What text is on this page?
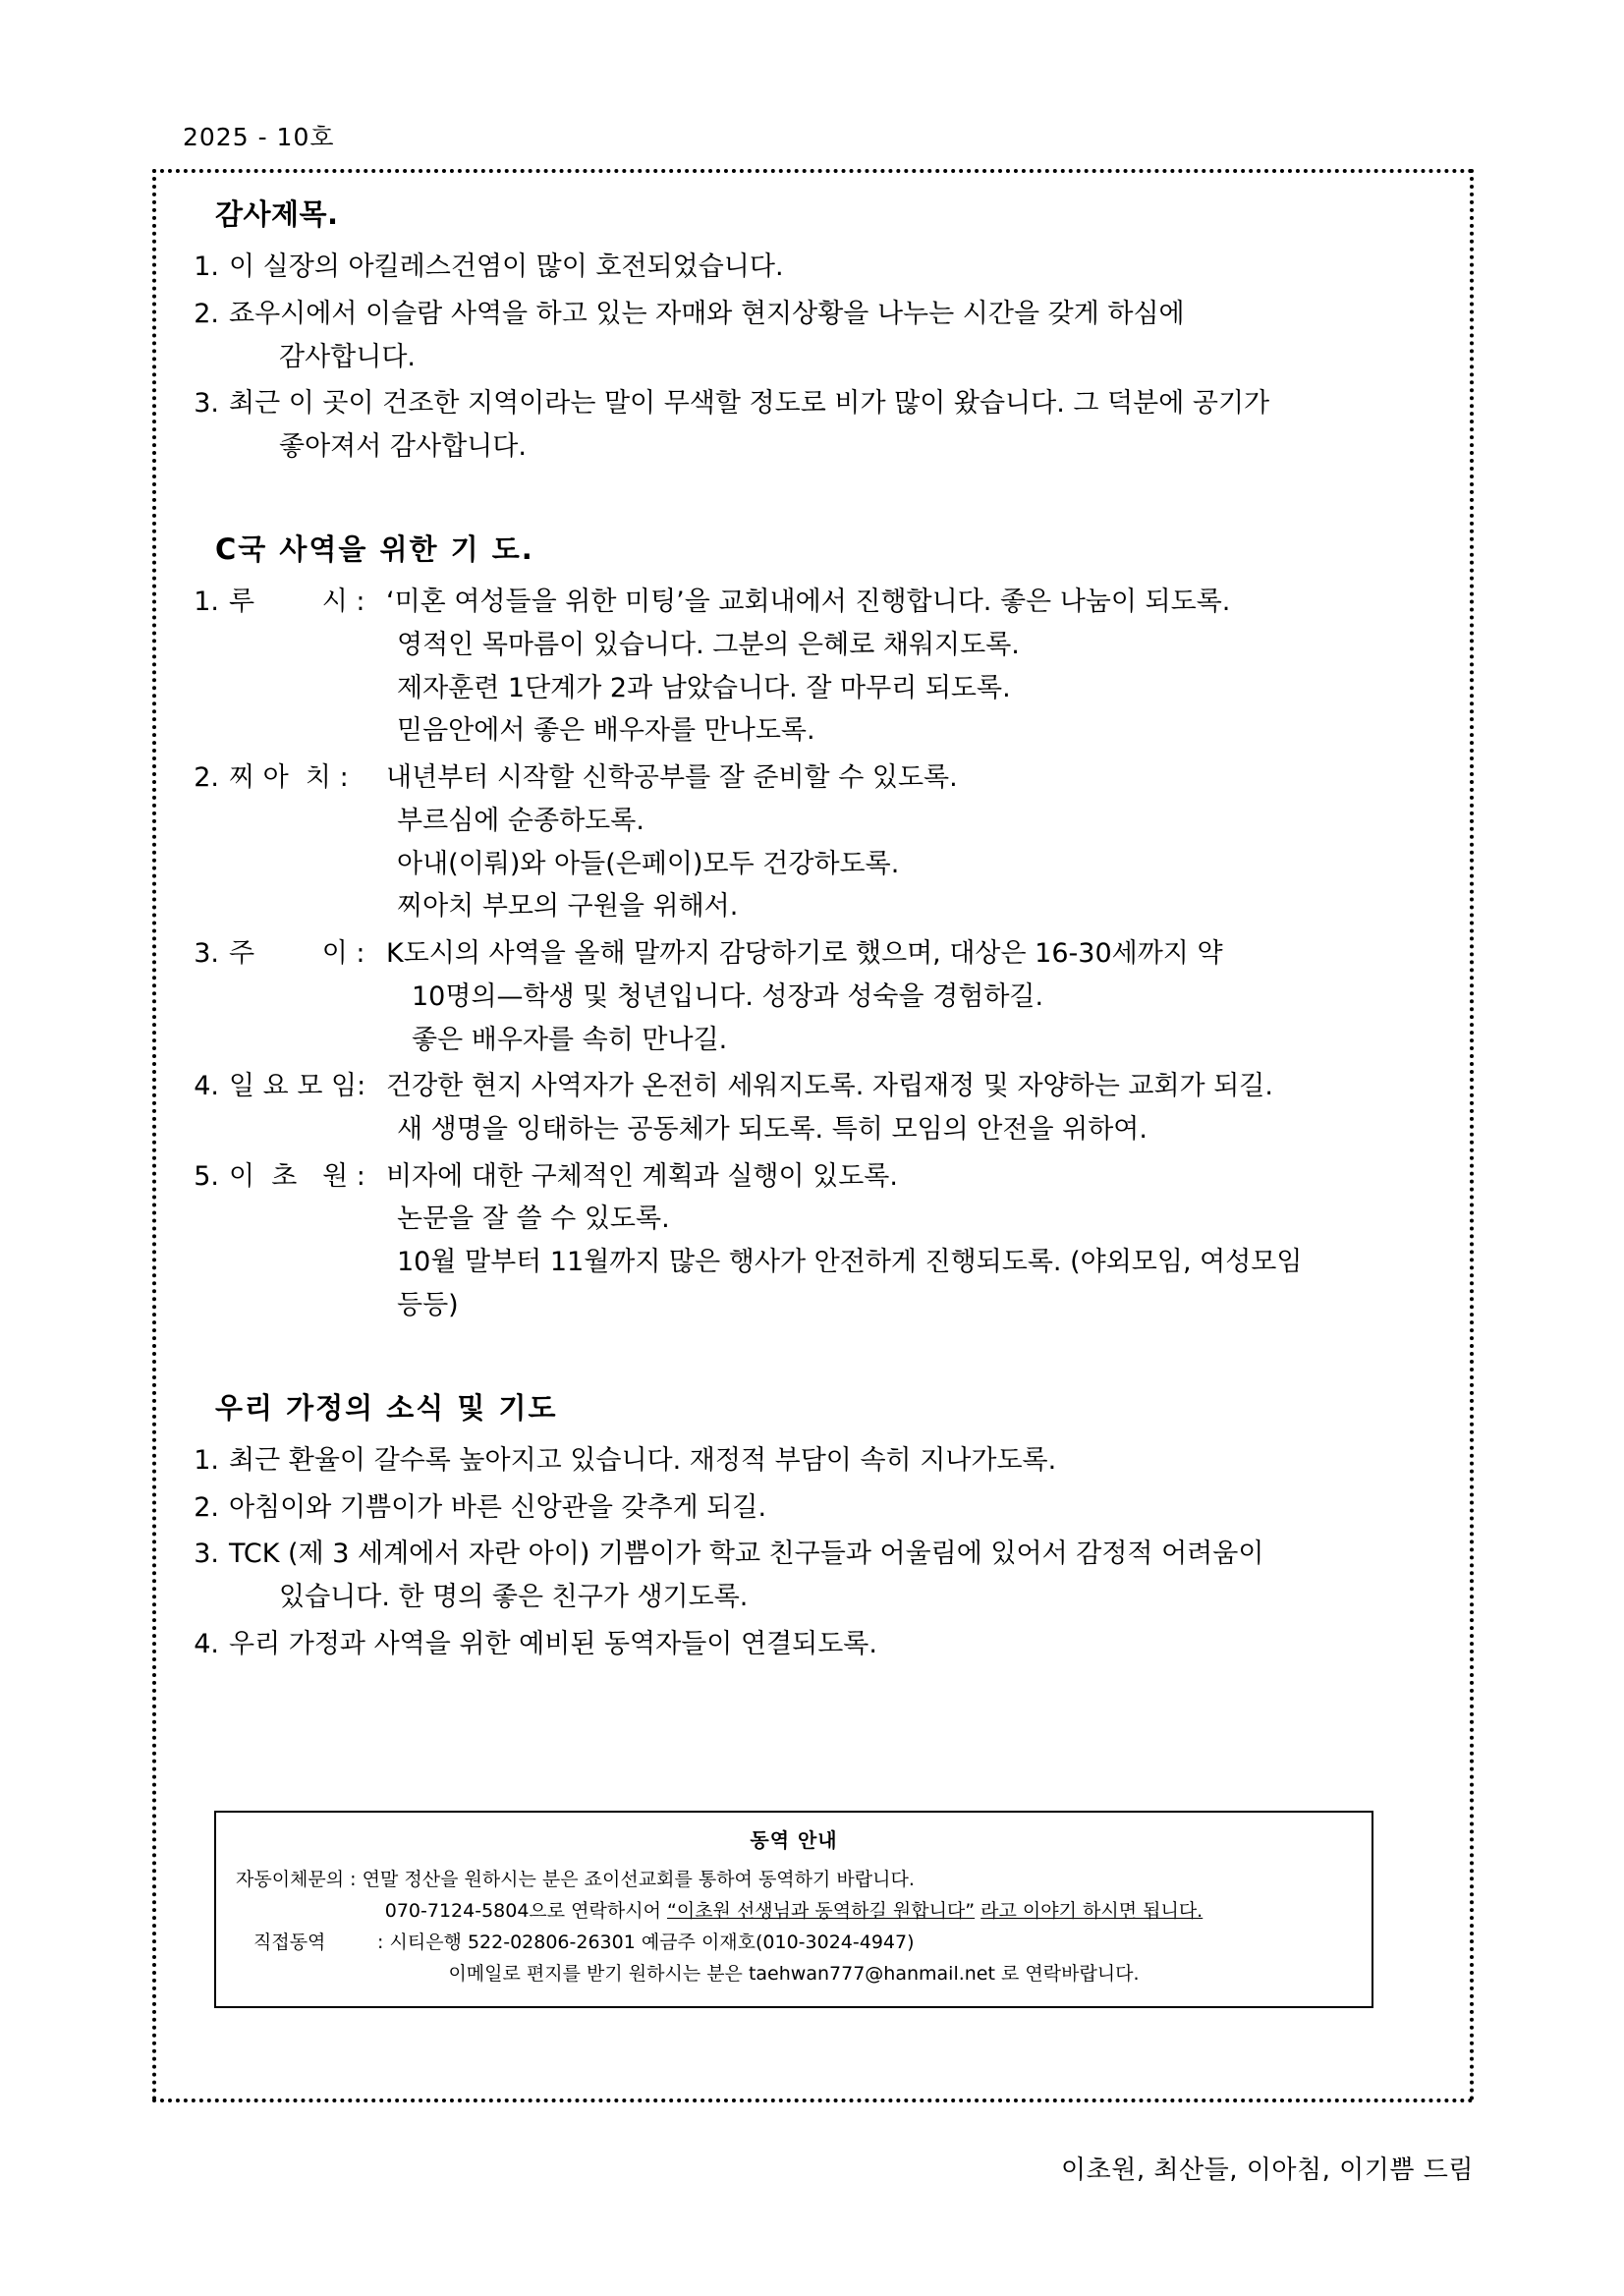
2025 - 10호
감사제목.
1. 이 실장의 아킬레스건염이 많이 호전되었습니다.
2. 죠우시에서 이슬람 사역을 하고 있는 자매와 현지상황을 나누는 시간을 갖게 하심에
감사합니다.
3. 최근 이 곳이 건조한 지역이라는 말이 무색할 정도로 비가 많이 왔습니다. 그 덕분에 공기가
좋아져서 감사합니다.
C국 사역을 위한 기 도.
1. 루        시 : ‘미혼 여성들을 위한 미팅’을 교회내에서 진행합니다. 좋은 나눔이 되도록.
영적인 목마름이 있습니다. 그분의 은혜로 채워지도록.
제자훈련 1단계가 2과 남았습니다. 잘 마무리 되도록.
믿음안에서 좋은 배우자를 만나도록.
2. 찌 아  치 :	내년부터 시작할 신학공부를 잘 준비할 수 있도록.
부르심에 순종하도록.
아내(이뤄)와 아들(은페이)모두 건강하도록.
찌아치 부모의 구원을 위해서.
3. 주        이 : K도시의 사역을 올해 말까지 감당하기로 했으며, 대상은 16-30세까지 약
10명의—학생 및 청년입니다. 성장과 성숙을 경험하길.
좋은 배우자를 속히 만나길.
4. 일 요 모 임: 건강한 현지 사역자가 온전히 세워지도록. 자립재정 및 자양하는 교회가 되길.
새 생명을 잉태하는 공동체가 되도록. 특히 모임의 안전을 위하여.
5. 이  초   원 : 비자에 대한 구체적인 계획과 실행이 있도록.
논문을 잘 쓸 수 있도록.
10월 말부터 11월까지 많은 행사가 안전하게 진행되도록. (야외모임, 여성모임
등등)
우리 가정의 소식 및 기도
1. 최근 환율이 갈수록 높아지고 있습니다. 재정적 부담이 속히 지나가도록.
2. 아침이와 기쁨이가 바른 신앙관을 갖추게 되길.
3. TCK (제 3 세계에서 자란 아이) 기쁨이가 학교 친구들과 어울림에 있어서 감정적 어려움이
있습니다. 한 명의 좋은 친구가 생기도록.
4. 우리 가정과 사역을 위한 예비된 동역자들이 연결되도록.
동역 안내
자동이체문의 : 연말 정산을 원하시는 분은 죠이선교회를 통하여 동역하기 바랍니다.
070-7124-5804으로 연락하시어 “이초원 선생님과 동역하길 원합니다” 라고 이야기 하시면 됩니다.
직접동역	: 시티은행 522-02806-26301 예금주 이재호(010-3024-4947)
이메일로 편지를 받기 원하시는 분은 taehwan777@hanmail.net 로 연락바랍니다.
이초원, 최산들, 이아침, 이기쁨 드림
